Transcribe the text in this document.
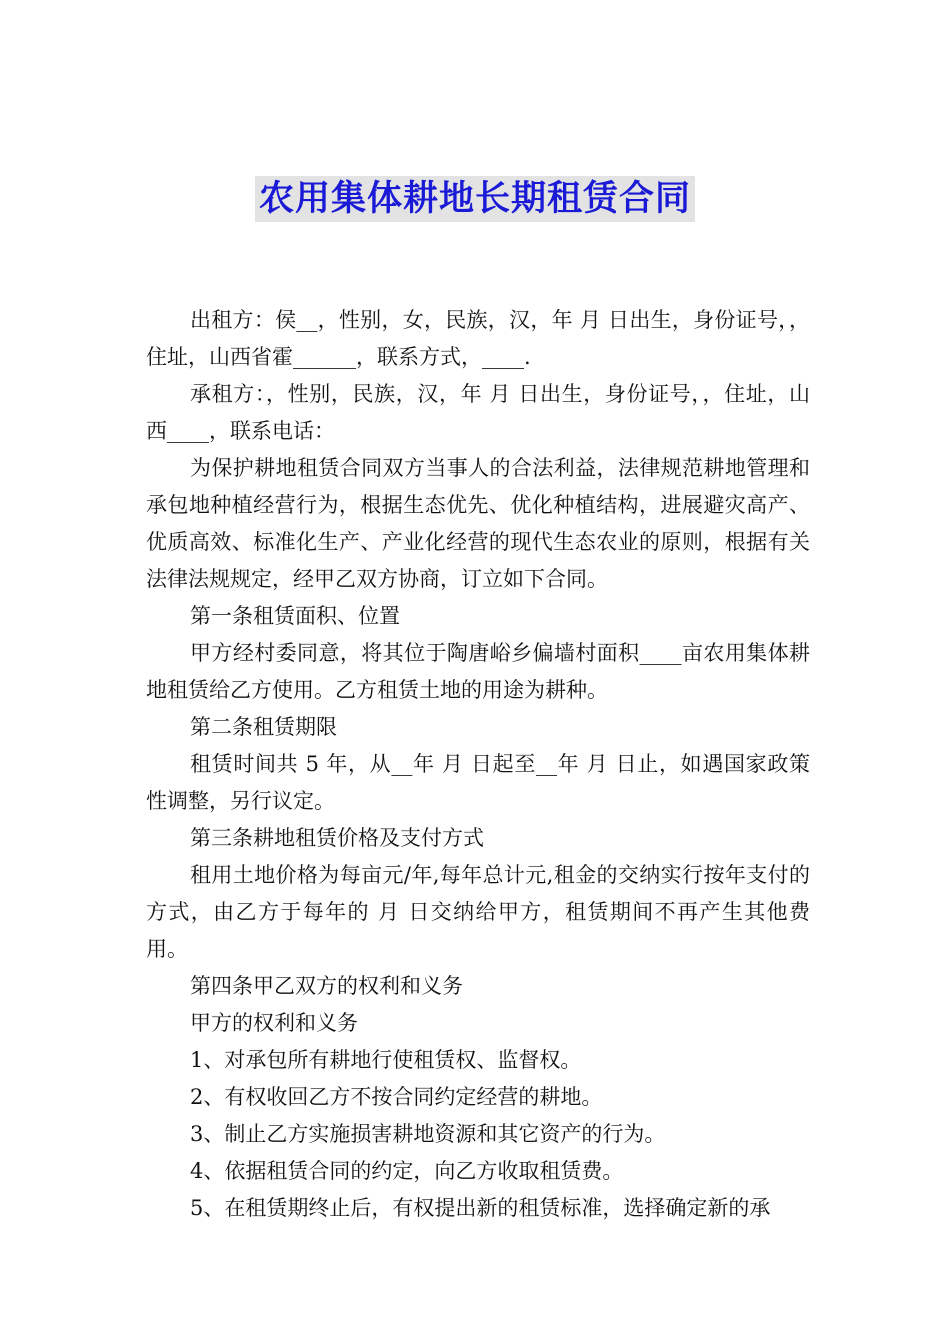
农用集体耕地长期租赁合同

出租方：侯__，性别，女，民族，汉，年 月 日出生，身份证号，，住址，山西省霍______，联系方式，____.

承租方：，性别，民族，汉，年 月 日出生，身份证号，，住址，山西____，联系电话：

为保护耕地租赁合同双方当事人的合法利益，法律规范耕地管理和承包地种植经营行为，根据生态优先、优化种植结构，进展避灾高产、优质高效、标准化生产、产业化经营的现代生态农业的原则，根据有关法律法规规定，经甲乙双方协商，订立如下合同。

第一条租赁面积、位置

甲方经村委同意，将其位于陶唐峪乡偏墙村面积____亩农用集体耕地租赁给乙方使用。乙方租赁土地的用途为耕种。

第二条租赁期限

租赁时间共 5 年，从__年 月 日起至__年 月 日止，如遇国家政策性调整，另行议定。

第三条耕地租赁价格及支付方式

租用土地价格为每亩元/年,每年总计元,租金的交纳实行按年支付的方式，由乙方于每年的 月 日交纳给甲方，租赁期间不再产生其他费用。

第四条甲乙双方的权利和义务

甲方的权利和义务

1、对承包所有耕地行使租赁权、监督权。

2、有权收回乙方不按合同约定经营的耕地。

3、制止乙方实施损害耕地资源和其它资产的行为。

4、依据租赁合同的约定，向乙方收取租赁费。

5、在租赁期终止后，有权提出新的租赁标准，选择确定新的承
